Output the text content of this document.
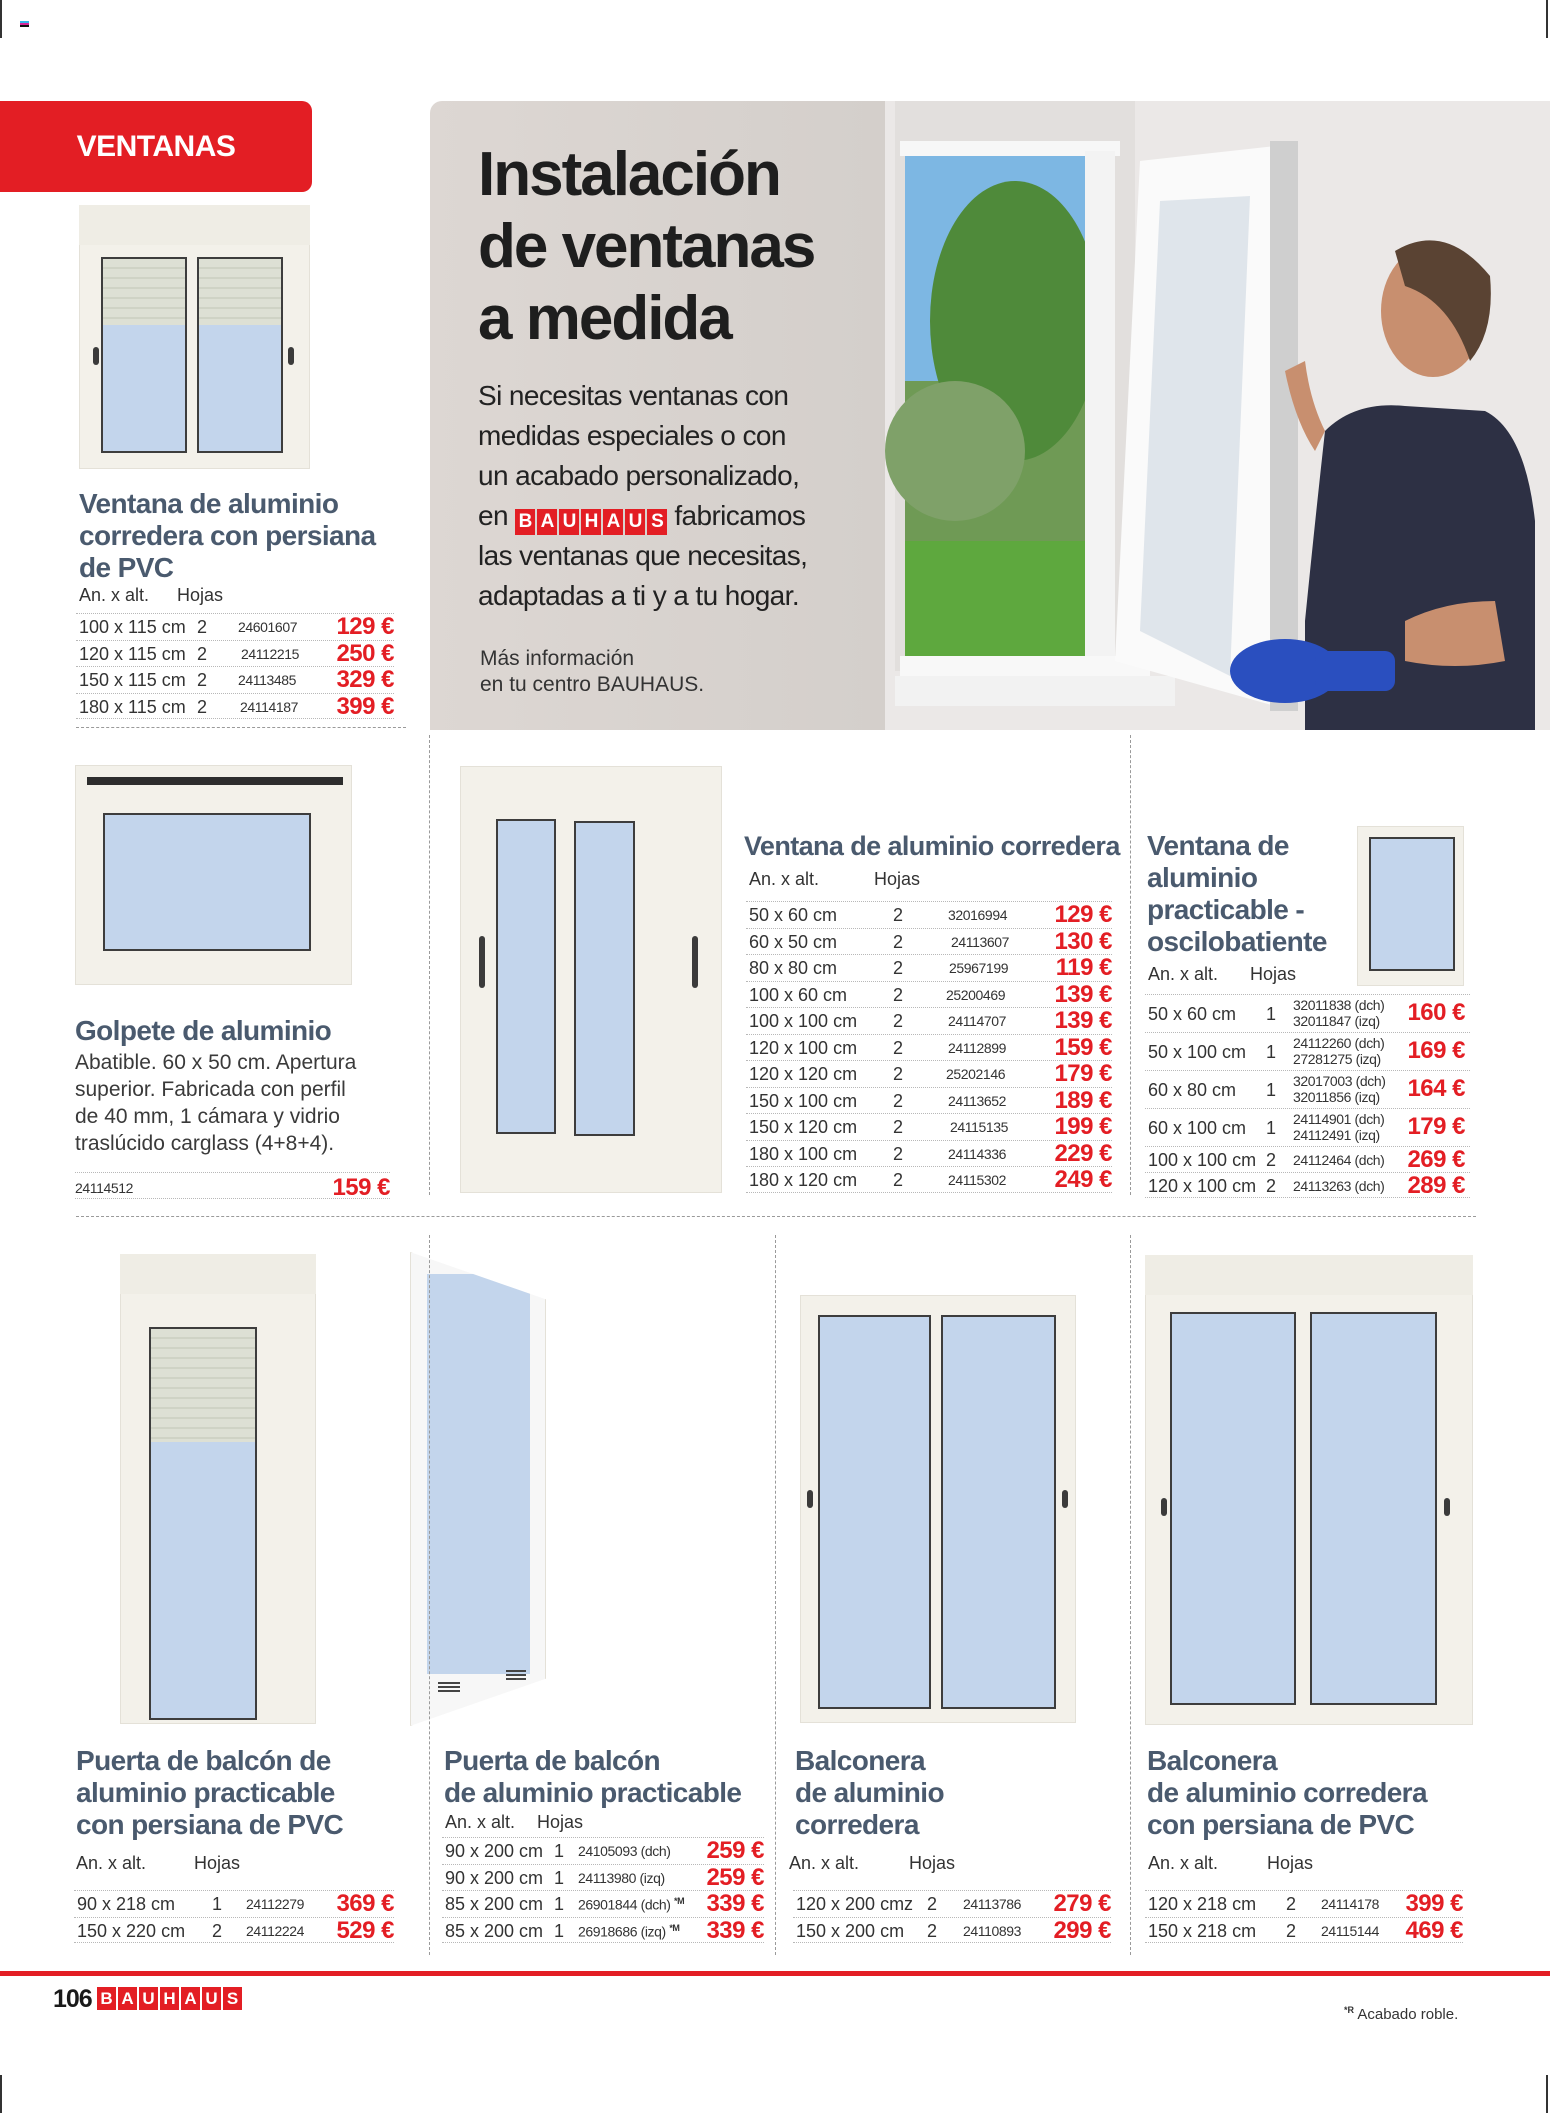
VENTANAS	Instalación
de ventanas
a medida
Si necesitas ventanas con
medidas especiales o con
un acabado personalizado,
en B A U H A U S fabricamos
las ventanas que necesitas,
adaptadas a ti y a tu hogar.
Más información
en tu centro BAUHAUS.
Ventana de aluminio
corredera con persiana
de PVC
An. x alt. Hojas
100 x 115 cm 2 24601607 129 €
120 x 115 cm 2 24112215 250 €
150 x 115 cm 2 24113485 329 €
180 x 115 cm 2 24114187 399 €
Golpete de aluminio
Abatible. 60 x 50 cm. Apertura
superior. Fabricada con perfil
de 40 mm, 1 cámara y vidrio
traslúcido carglass (4+8+4).
24114512	159 €
Ventana de aluminio corredera
An. x alt.	Hojas
50 x 60 cm	2	32016994 129 €
60 x 50 cm	2	24113607 130 €
80 x 80 cm	2	25967199 119 €
100 x 60 cm	2	25200469 139 €
100 x 100 cm 2	24114707 139 €
120 x 100 cm 2	24112899 159 €
120 x 120 cm 2	25202146 179 €
150 x 100 cm 2	24113652 189 €
150 x 120 cm 2	24115135 199 €
180 x 100 cm 2	24114336 229 €
180 x 120 cm 2	24115302 249 €
Ventana de
aluminio
practicable -
oscilobatiente
An. x alt. Hojas
50 x 60 cm 1 32011838 (dch)
32011847 (izq) 160 €
50 x 100 cm 1 24112260 (dch)
27281275 (izq) 169 €
60 x 80 cm 1 32017003 (dch)
32011856 (izq) 164 €
60 x 100 cm 1 24114901 (dch)
24112491 (izq) 179 €
100 x 100 cm 2 24112464 (dch) 269 €
120 x 100 cm 2 24113263 (dch) 289 €
Puerta de balcón de
aluminio practicable
con persiana de PVC
An. x alt.	Hojas
90 x 218 cm 1 24112279 369 €
150 x 220 cm 2 24112224 529 €
Puerta de balcón
de aluminio practicable
An. x alt. Hojas
90 x 200 cm 1 24105093 (dch) 259 €
90 x 200 cm 1 24113980 (izq) 259 €
85 x 200 cm 1 26901844 (dch) $^{*M}$ 339 €
85 x 200 cm 1 26918686 (izq) $^{*M}$ 339 €
Balconera
de aluminio
corredera
An. x alt.	Hojas
120 x 200 cmz 2 24113786 279 €
150 x 200 cm 2 24110893 299 €
Balconera
de aluminio corredera
con persiana de PVC
An. x alt.	Hojas
120 x 218 cm 2 24114178 399 €
150 x 218 cm 2 24115144 469 €
106 B A U H A U S
$^{*R}$ Acabado roble.
